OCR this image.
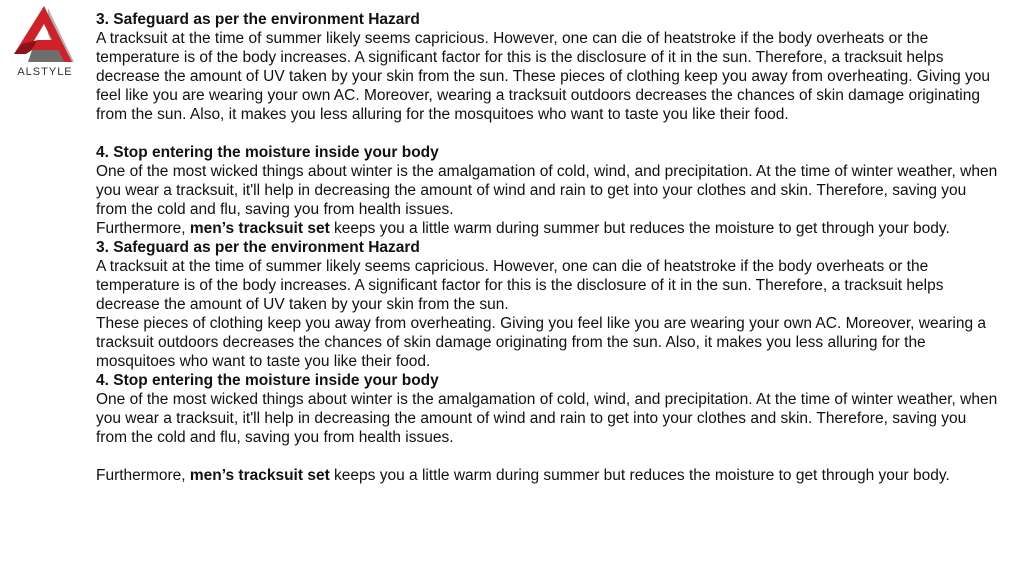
ALSTYLE

3. Safeguard as per the environment Hazard

A tracksuit at the time of summer likely seems capricious. However, one can die of heatstroke if the body overheats or the temperature is of the body increases. A significant factor for this is the disclosure of it in the sun. Therefore, a tracksuit helps decrease the amount of UV taken by your skin from the sun. These pieces of clothing keep you away from overheating. Giving you feel like you are wearing your own AC. Moreover, wearing a tracksuit outdoors decreases the chances of skin damage originating from the sun. Also, it makes you less alluring for the mosquitoes who want to taste you like their food.

4. Stop entering the moisture inside your body

One of the most wicked things about winter is the amalgamation of cold, wind, and precipitation. At the time of winter weather, when you wear a tracksuit, it'll help in decreasing the amount of wind and rain to get into your clothes and skin. Therefore, saving you from the cold and flu, saving you from health issues.

Furthermore, men’s tracksuit set keeps you a little warm during summer but reduces the moisture to get through your body.

3. Safeguard as per the environment Hazard

A tracksuit at the time of summer likely seems capricious. However, one can die of heatstroke if the body overheats or the temperature is of the body increases. A significant factor for this is the disclosure of it in the sun. Therefore, a tracksuit helps decrease the amount of UV taken by your skin from the sun.

These pieces of clothing keep you away from overheating. Giving you feel like you are wearing your own AC. Moreover, wearing a tracksuit outdoors decreases the chances of skin damage originating from the sun. Also, it makes you less alluring for the mosquitoes who want to taste you like their food.

4. Stop entering the moisture inside your body

One of the most wicked things about winter is the amalgamation of cold, wind, and precipitation. At the time of winter weather, when you wear a tracksuit, it'll help in decreasing the amount of wind and rain to get into your clothes and skin. Therefore, saving you from the cold and flu, saving you from health issues.

Furthermore, men’s tracksuit set keeps you a little warm during summer but reduces the moisture to get through your body.
